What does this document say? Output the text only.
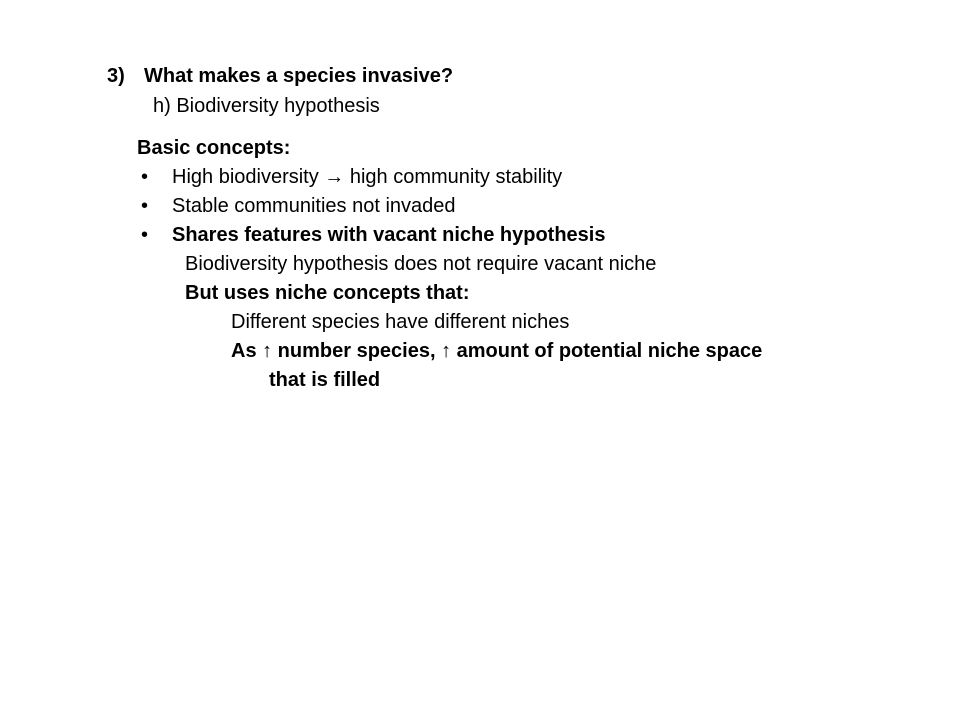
3) What makes a species invasive?
h) Biodiversity hypothesis
Basic concepts:
• High biodiversity → high community stability
• Stable communities not invaded
• Shares features with vacant niche hypothesis
Biodiversity hypothesis does not require vacant niche
But uses niche concepts that:
Different species have different niches
As ↑ number species, ↑ amount of potential niche space
that is filled
